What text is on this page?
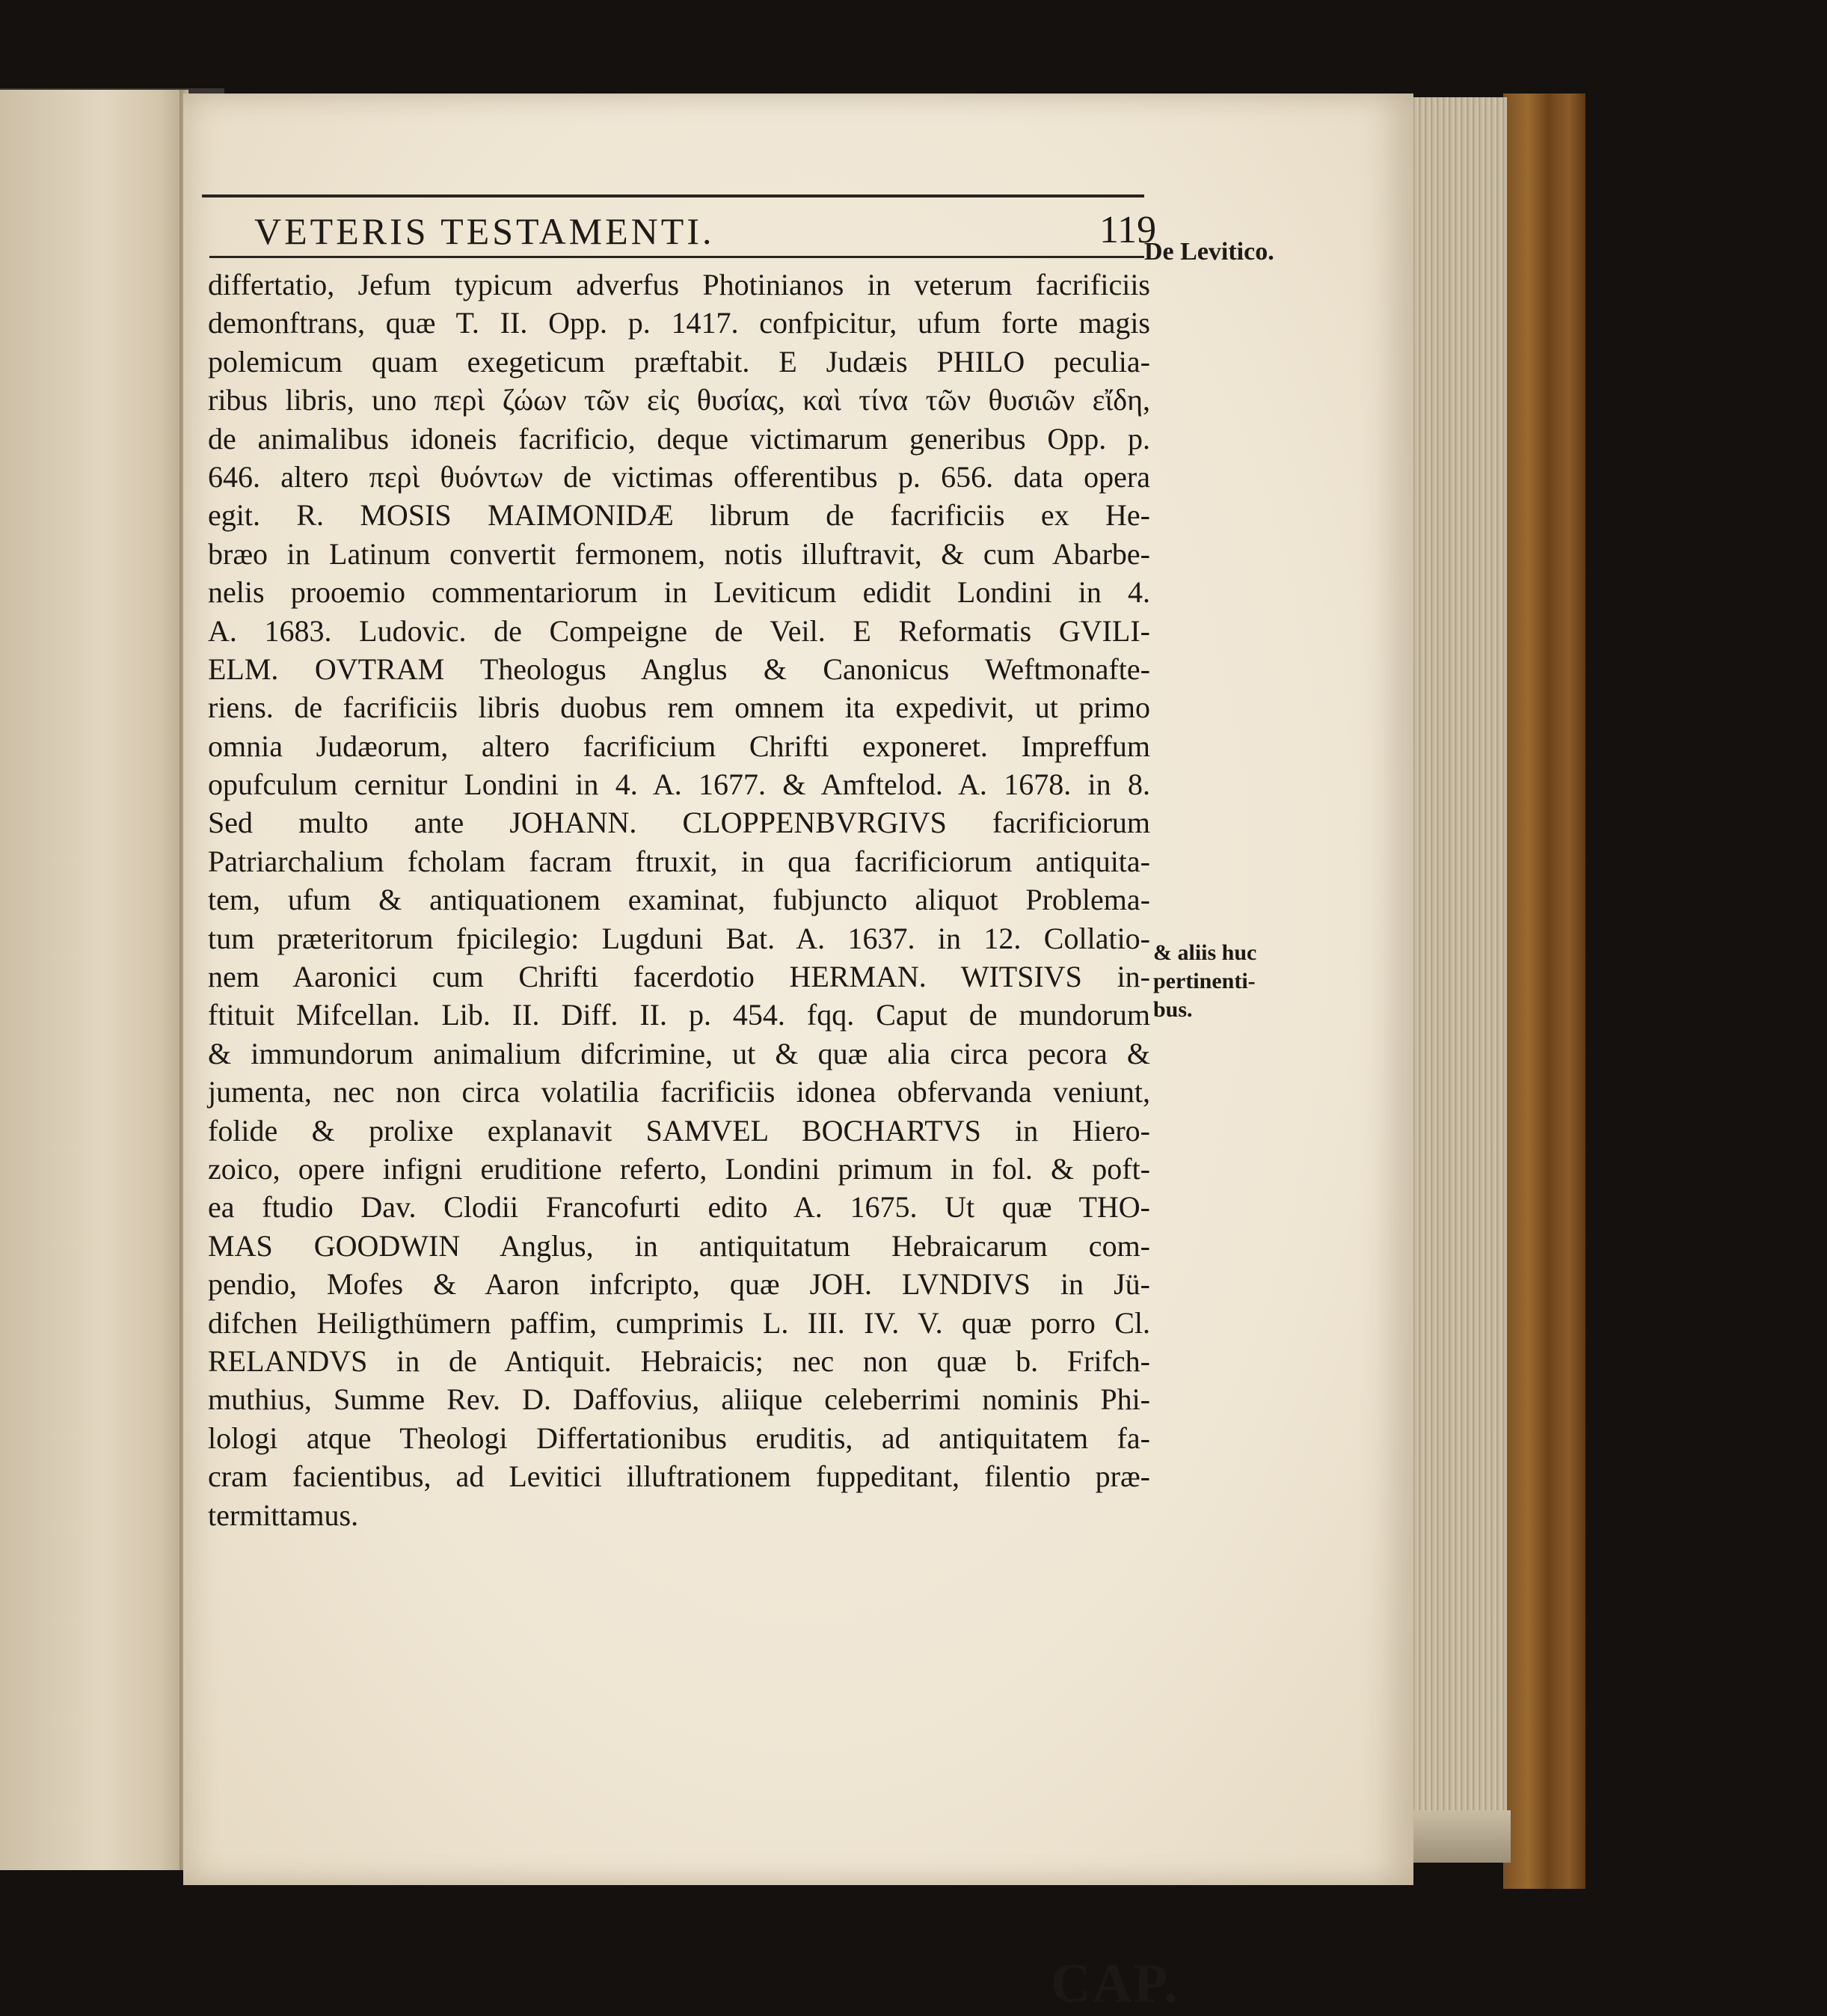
VETERIS TESTAMENTI.	119
De Levitico.
differtatio, Jefum typicum adverfus Photinianos in veterum facrificiis
demonftrans, quæ T. II. Opp. p. 1417. confpicitur, ufum forte magis
polemicum quam exegeticum præftabit. E Judæis PHILO peculia-
ribus libris, uno περὶ ζώων τῶν εἰς θυσίας, καὶ τίνα τῶν θυσιῶν εἴδη,
de animalibus idoneis facrificio, deque victimarum generibus Opp. p.
646. altero περὶ θυόντων de victimas offerentibus p. 656. data opera
egit. R. MOSIS MAIMONIDÆ librum de facrificiis ex He-
bræo in Latinum convertit fermonem, notis illuftravit, & cum Abarbe-
nelis prooemio commentariorum in Leviticum edidit Londini in 4.
A. 1683. Ludovic. de Compeigne de Veil. E Reformatis GVILI-
ELM. OVTRAM Theologus Anglus & Canonicus Weftmonafte-
riens. de facrificiis libris duobus rem omnem ita expedivit, ut primo
omnia Judæorum, altero facrificium Chrifti exponeret. Impreffum
opufculum cernitur Londini in 4. A. 1677. & Amftelod. A. 1678. in 8.
Sed multo ante JOHANN. CLOPPENBVRGIVS facrificiorum
Patriarchalium fcholam facram ftruxit, in qua facrificiorum antiquita-
tem, ufum & antiquationem examinat, fubjuncto aliquot Problema-
tum præteritorum fpicilegio: Lugduni Bat. A. 1637. in 12. Collatio-
nem Aaronici cum Chrifti facerdotio HERMAN. WITSIVS in-
ftituit Mifcellan. Lib. II. Diff. II. p. 454. fqq. Caput de mundorum
& immundorum animalium difcrimine, ut & quæ alia circa pecora &
jumenta, nec non circa volatilia facrificiis idonea obfervanda veniunt,
folide & prolixe explanavit SAMVEL BOCHARTVS in Hiero-
zoico, opere infigni eruditione referto, Londini primum in fol. & poft-
ea ftudio Dav. Clodii Francofurti edito A. 1675. Ut quæ THO-
MAS GOODWIN Anglus, in antiquitatum Hebraicarum com-
pendio, Mofes & Aaron infcripto, quæ JOH. LVNDIVS in Jü-
difchen Heiligthümern paffim, cumprimis L. III. IV. V. quæ porro Cl.
RELANDVS in de Antiquit. Hebraicis; nec non quæ b. Frifch-
muthius, Summe Rev. D. Daffovius, aliique celeberrimi nominis Phi-
lologi atque Theologi Differtationibus eruditis, ad antiquitatem fa-
cram facientibus, ad Levitici illuftrationem fuppeditant, filentio præ-
termittamus.
& aliis huc
pertinenti-
bus.
CAP.
